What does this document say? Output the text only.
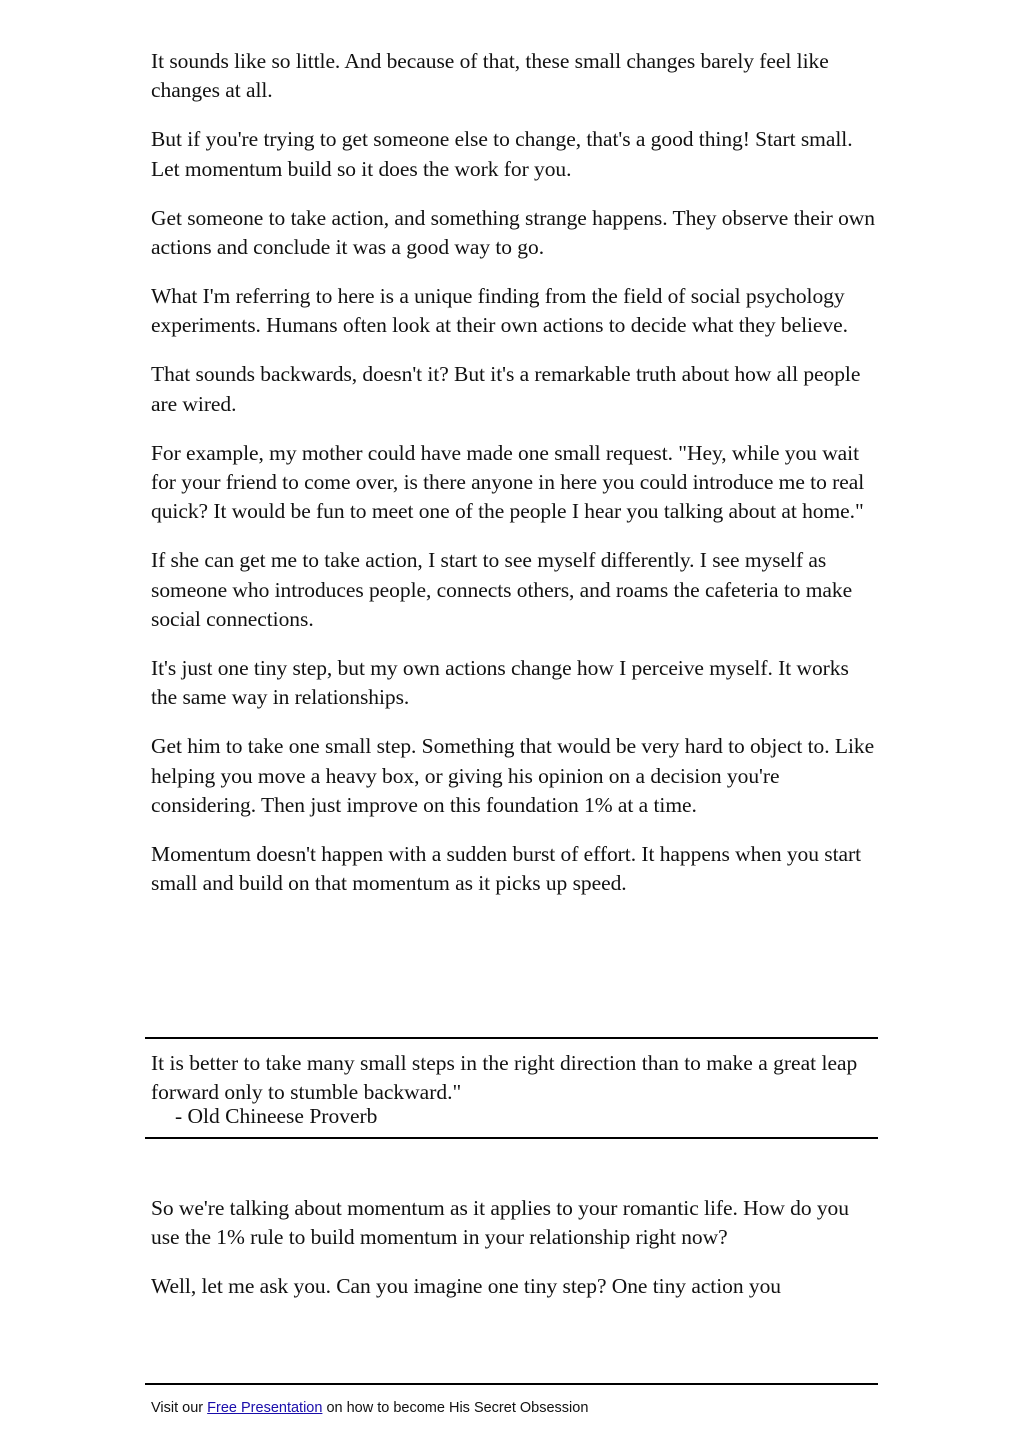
It sounds like so little. And because of that, these small changes barely feel like changes at all.

But if you're trying to get someone else to change, that's a good thing! Start small. Let momentum build so it does the work for you.

Get someone to take action, and something strange happens. They observe their own actions and conclude it was a good way to go.

What I'm referring to here is a unique finding from the field of social psychology experiments. Humans often look at their own actions to decide what they believe.

That sounds backwards, doesn't it? But it's a remarkable truth about how all people are wired.

For example, my mother could have made one small request. "Hey, while you wait for your friend to come over, is there anyone in here you could introduce me to real quick? It would be fun to meet one of the people I hear you talking about at home."

If she can get me to take action, I start to see myself differently. I see myself as someone who introduces people, connects others, and roams the cafeteria to make social connections.

It's just one tiny step, but my own actions change how I perceive myself. It works the same way in relationships.

Get him to take one small step. Something that would be very hard to object to. Like helping you move a heavy box, or giving his opinion on a decision you're considering. Then just improve on this foundation 1% at a time.

Momentum doesn't happen with a sudden burst of effort. It happens when you start small and build on that momentum as it picks up speed.

It is better to take many small steps in the right direction than to make a great leap forward only to stumble backward."

- Old Chineese Proverb

So we're talking about momentum as it applies to your romantic life. How do you use the 1% rule to build momentum in your relationship right now?

Well, let me ask you. Can you imagine one tiny step? One tiny action you

Visit our Free Presentation on how to become His Secret Obsession
